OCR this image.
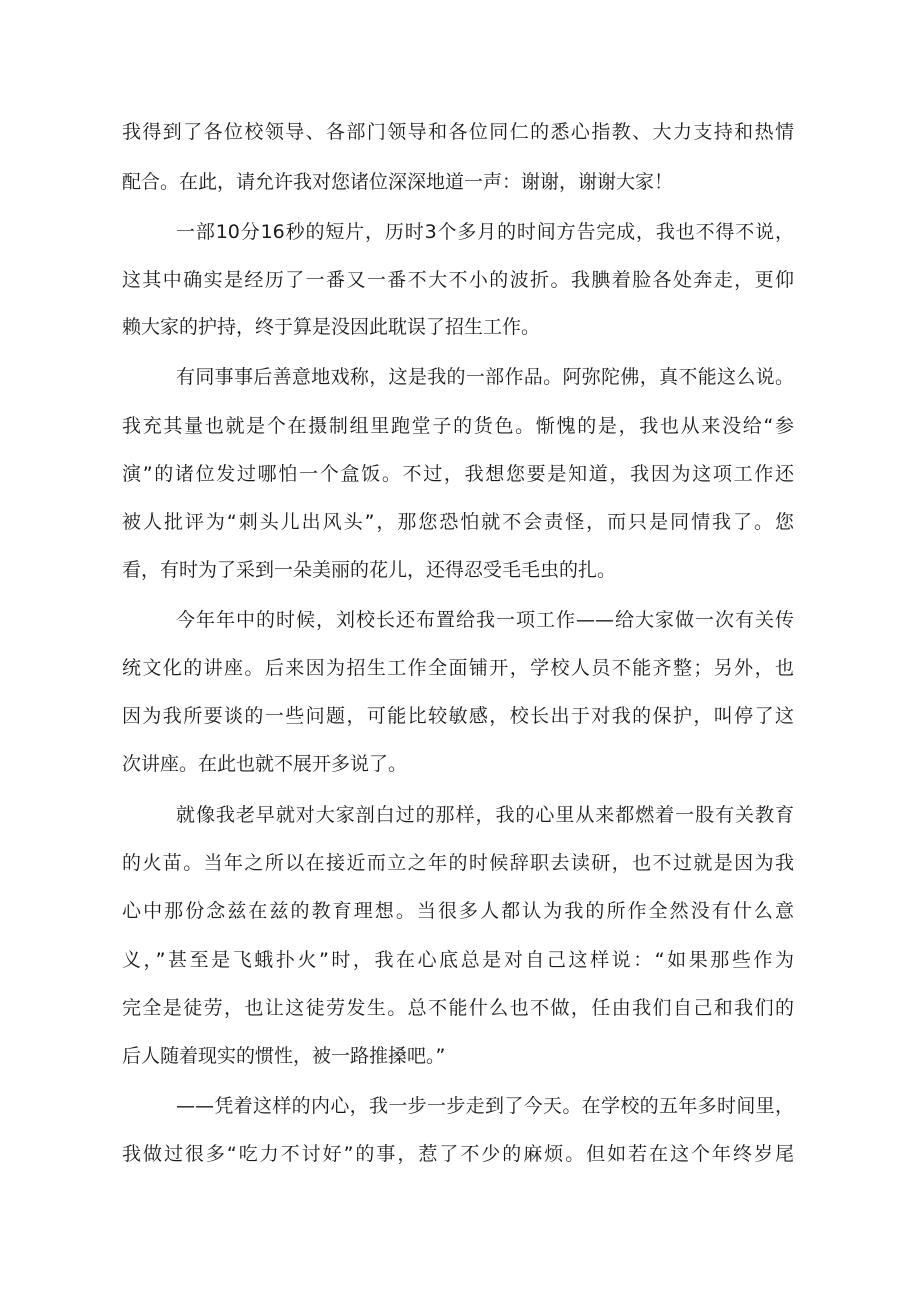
我得到了各位校领导、各部门领导和各位同仁的悉心指教、大力支持和热情

配合。在此，请允许我对您诸位深深地道一声：谢谢，谢谢大家！

一部10分16秒的短片，历时3个多月的时间方告完成，我也不得不说，

这其中确实是经历了一番又一番不大不小的波折。我腆着脸各处奔走，更仰

赖大家的护持，终于算是没因此耽误了招生工作。

有同事事后善意地戏称，这是我的一部作品。阿弥陀佛，真不能这么说。

我充其量也就是个在摄制组里跑堂子的货色。惭愧的是，我也从来没给“参

演”的诸位发过哪怕一个盒饭。不过，我想您要是知道，我因为这项工作还

被人批评为“刺头儿出风头”，那您恐怕就不会责怪，而只是同情我了。您

看，有时为了采到一朵美丽的花儿，还得忍受毛毛虫的扎。

今年年中的时候，刘校长还布置给我一项工作——给大家做一次有关传

统文化的讲座。后来因为招生工作全面铺开，学校人员不能齐整；另外，也

因为我所要谈的一些问题，可能比较敏感，校长出于对我的保护，叫停了这

次讲座。在此也就不展开多说了。

就像我老早就对大家剖白过的那样，我的心里从来都燃着一股有关教育

的火苗。当年之所以在接近而立之年的时候辞职去读研，也不过就是因为我

心中那份念兹在兹的教育理想。当很多人都认为我的所作全然没有什么意

义，”甚至是飞蛾扑火”时，我在心底总是对自己这样说：“如果那些作为

完全是徒劳，也让这徒劳发生。总不能什么也不做，任由我们自己和我们的

后人随着现实的惯性，被一路推搡吧。”

——凭着这样的内心，我一步一步走到了今天。在学校的五年多时间里，

我做过很多“吃力不讨好”的事，惹了不少的麻烦。但如若在这个年终岁尾
